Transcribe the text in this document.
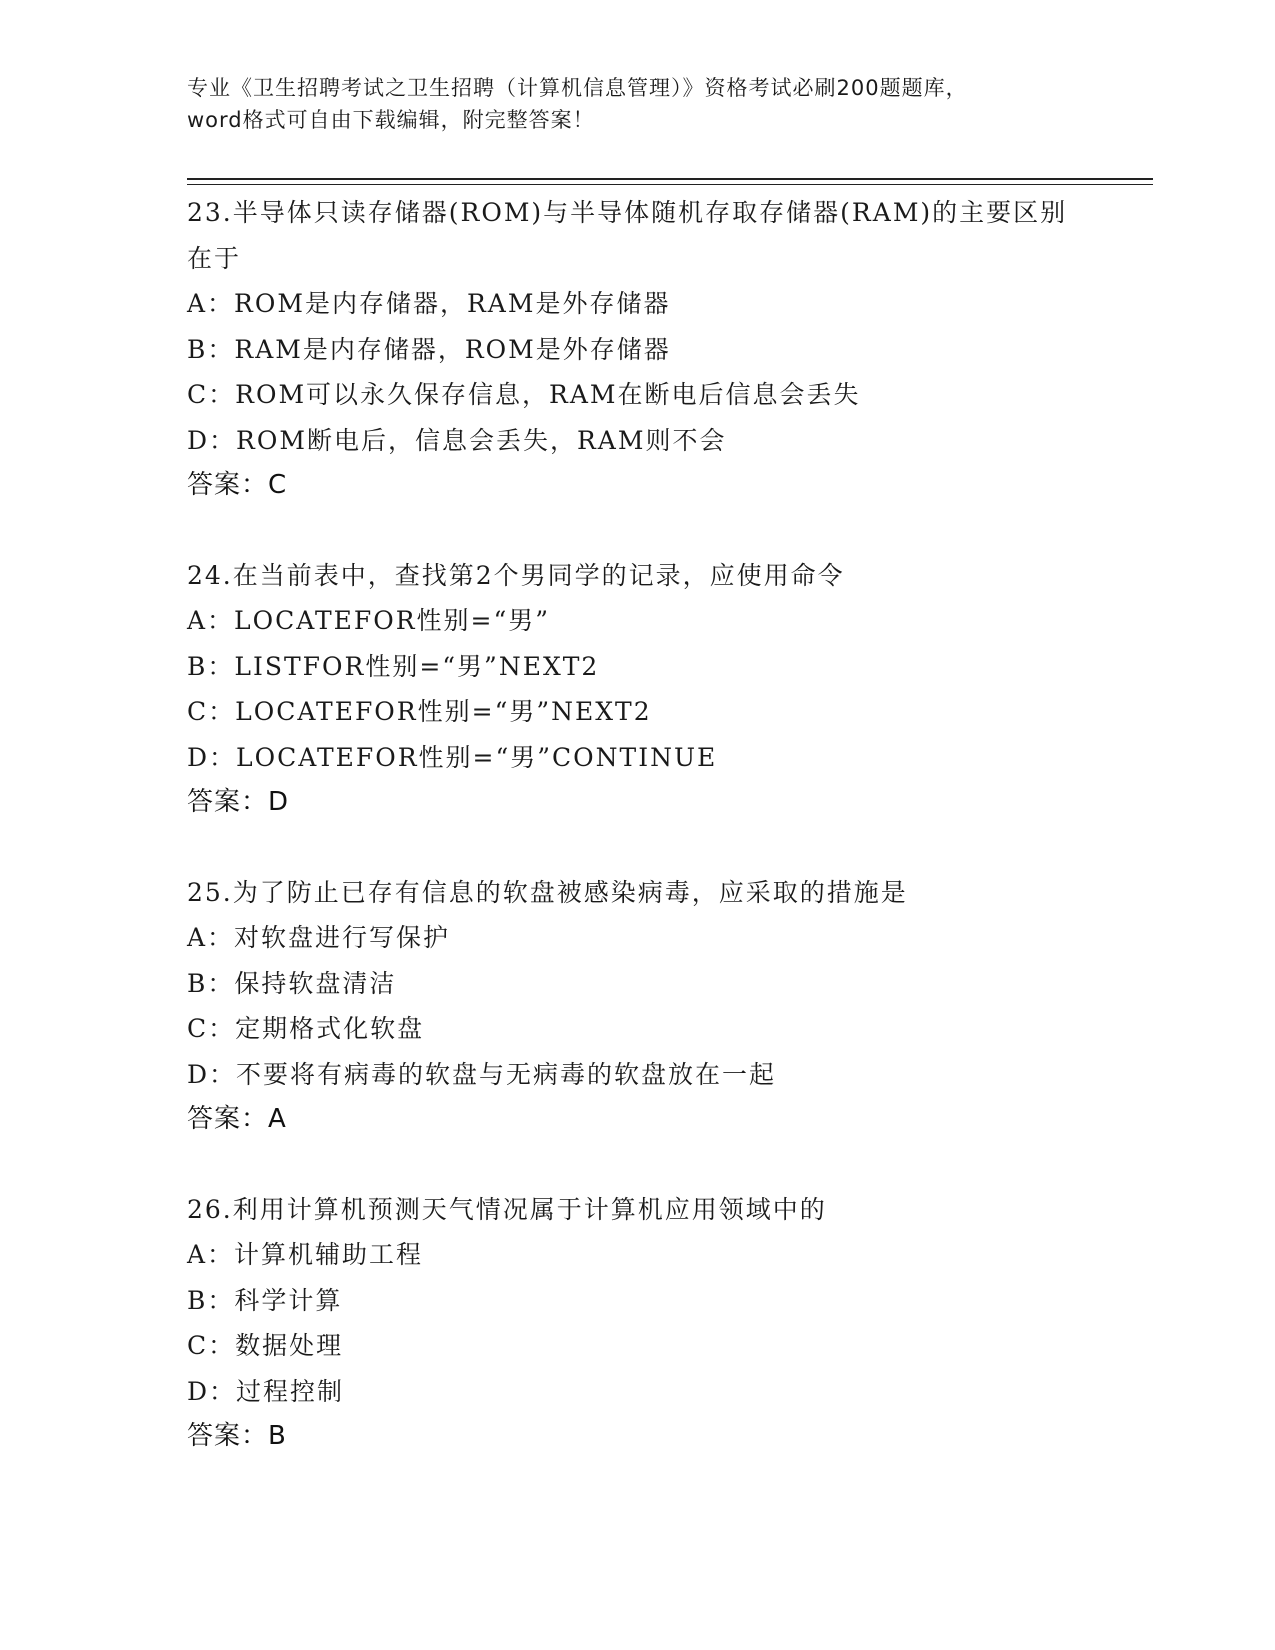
专业《卫生招聘考试之卫生招聘（计算机信息管理）》资格考试必刷200题题库，
word格式可自由下载编辑，附完整答案！
23.半导体只读存储器(ROM)与半导体随机存取存储器(RAM)的主要区别
在于
A：ROM是内存储器，RAM是外存储器
B：RAM是内存储器，ROM是外存储器
C：ROM可以永久保存信息，RAM在断电后信息会丢失
D：ROM断电后，信息会丢失，RAM则不会
答案：C
24.在当前表中，查找第2个男同学的记录，应使用命令
A：LOCATEFOR性别=“男”
B：LISTFOR性别=“男”NEXT2
C：LOCATEFOR性别=“男”NEXT2
D：LOCATEFOR性别=“男”CONTINUE
答案：D
25.为了防止已存有信息的软盘被感染病毒，应采取的措施是
A：对软盘进行写保护
B：保持软盘清洁
C：定期格式化软盘
D：不要将有病毒的软盘与无病毒的软盘放在一起
答案：A
26.利用计算机预测天气情况属于计算机应用领域中的
A：计算机辅助工程
B：科学计算
C：数据处理
D：过程控制
答案：B
